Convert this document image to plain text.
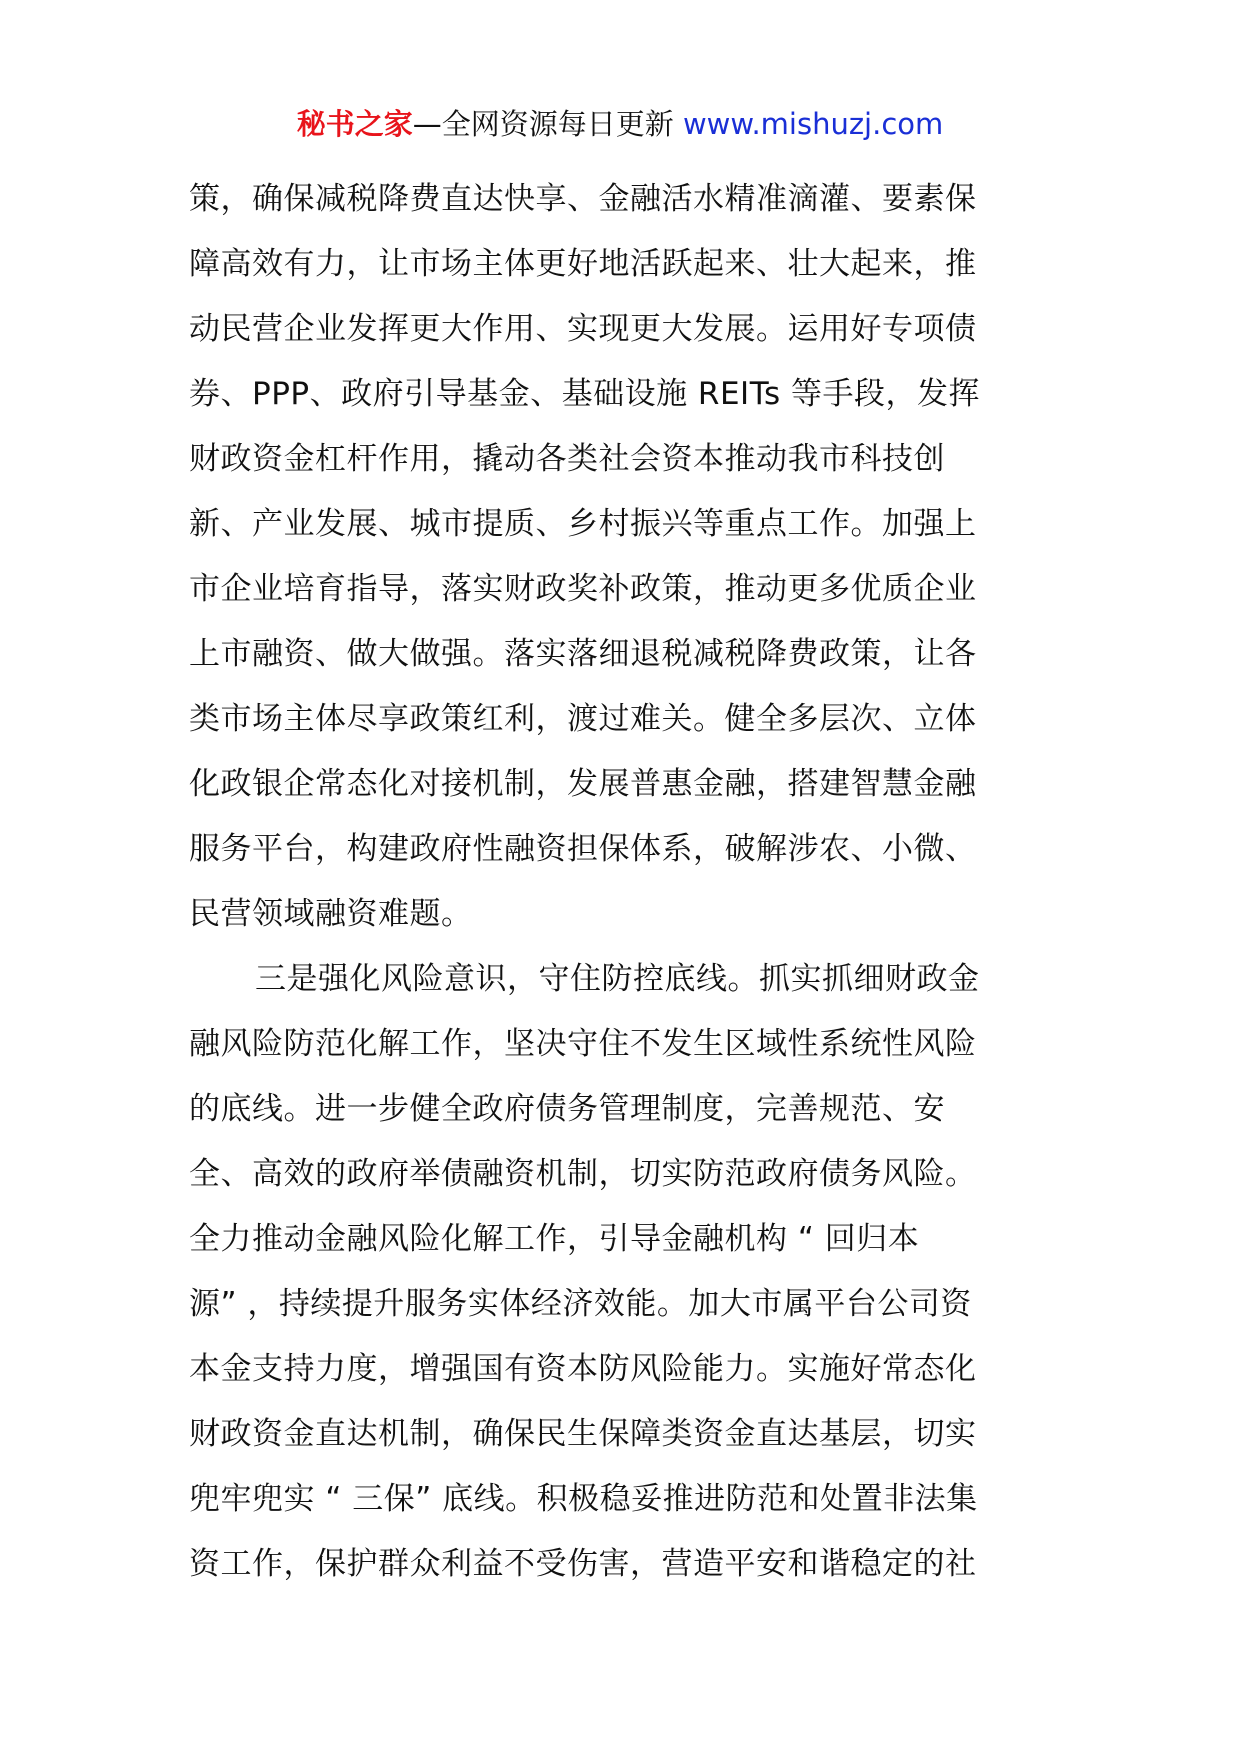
秘书之家—全网资源每日更新 www.mishuzj.com
策，确保减税降费直达快享、金融活水精准滴灌、要素保
障高效有力，让市场主体更好地活跃起来、壮大起来，推
动民营企业发挥更大作用、实现更大发展。运用好专项债
券、PPP、政府引导基金、基础设施 REITs 等手段，发挥
财政资金杠杆作用，撬动各类社会资本推动我市科技创
新、产业发展、城市提质、乡村振兴等重点工作。加强上
市企业培育指导，落实财政奖补政策，推动更多优质企业
上市融资、做大做强。落实落细退税减税降费政策，让各
类市场主体尽享政策红利，渡过难关。健全多层次、立体
化政银企常态化对接机制，发展普惠金融，搭建智慧金融
服务平台，构建政府性融资担保体系，破解涉农、小微、
民营领域融资难题。
三是强化风险意识，守住防控底线。抓实抓细财政金
融风险防范化解工作，坚决守住不发生区域性系统性风险
的底线。进一步健全政府债务管理制度，完善规范、安
全、高效的政府举债融资机制，切实防范政府债务风险。
全力推动金融风险化解工作，引导金融机构 “ 回归本
源” ，持续提升服务实体经济效能。加大市属平台公司资
本金支持力度，增强国有资本防风险能力。实施好常态化
财政资金直达机制，确保民生保障类资金直达基层，切实
兜牢兜实 “ 三保” 底线。积极稳妥推进防范和处置非法集
资工作，保护群众利益不受伤害，营造平安和谐稳定的社
